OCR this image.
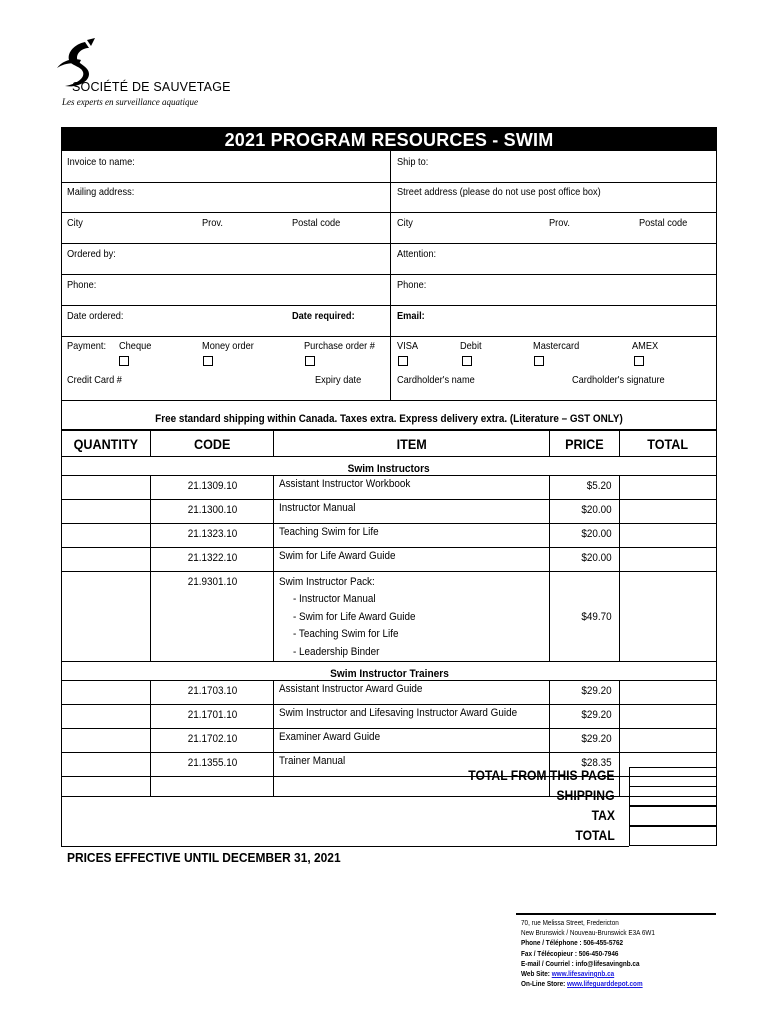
SOCIÉTÉ DE SAUVETAGE
Les experts en surveillance aquatique
2021 PROGRAM RESOURCES - SWIM
Invoice to name:	Ship to:
Mailing address:	Street address (please do not use post office box)
City	Prov.	Postal code	City	Prov.	Postal code
Ordered by:	Attention:
Phone:	Phone:
Date ordered:	Date required:	Email:
Payment: Cheque	Money order	Purchase order # VISA	Debit	Mastercard	AMEX
Credit Card #	Expiry date	Cardholder's name	Cardholder's signature
Free standard shipping within Canada. Taxes extra. Express delivery extra. (Literature – GST ONLY)
QUANTITY	CODE	ITEM	PRICE	TOTAL
Swim Instructors				
	21.1309.10	Assistant Instructor Workbook	$5.20	
	21.1300.10	Instructor Manual	$20.00	
	21.1323.10	Teaching Swim for Life	$20.00	
	21.1322.10	Swim for Life Award Guide	$20.00	
	21.9301.10	Swim Instructor Pack:
- Instructor Manual
- Swim for Life Award Guide
- Teaching Swim for Life
- Leadership Binder	$49.70	
Swim Instructor Trainers				
	21.1703.10	Assistant Instructor Award Guide	$29.20	
	21.1701.10	Swim Instructor and Lifesaving Instructor Award Guide	$29.20	
	21.1702.10	Examiner Award Guide	$29.20	
	21.1355.10	Trainer Manual	$28.35	

TOTAL FROM THIS PAGE
SHIPPING
TAX
TOTAL
PRICES EFFECTIVE UNTIL DECEMBER 31, 2021
70, rue Melissa Street, Fredericton
New Brunswick / Nouveau-Brunswick E3A 6W1
Phone / Téléphone : 506-455-5762
Fax / Télécopieur : 506-450-7946
E-mail / Courriel : info@lifesavingnb.ca
Web Site: www.lifesavingnb.ca
On-Line Store: www.lifeguarddepot.com
